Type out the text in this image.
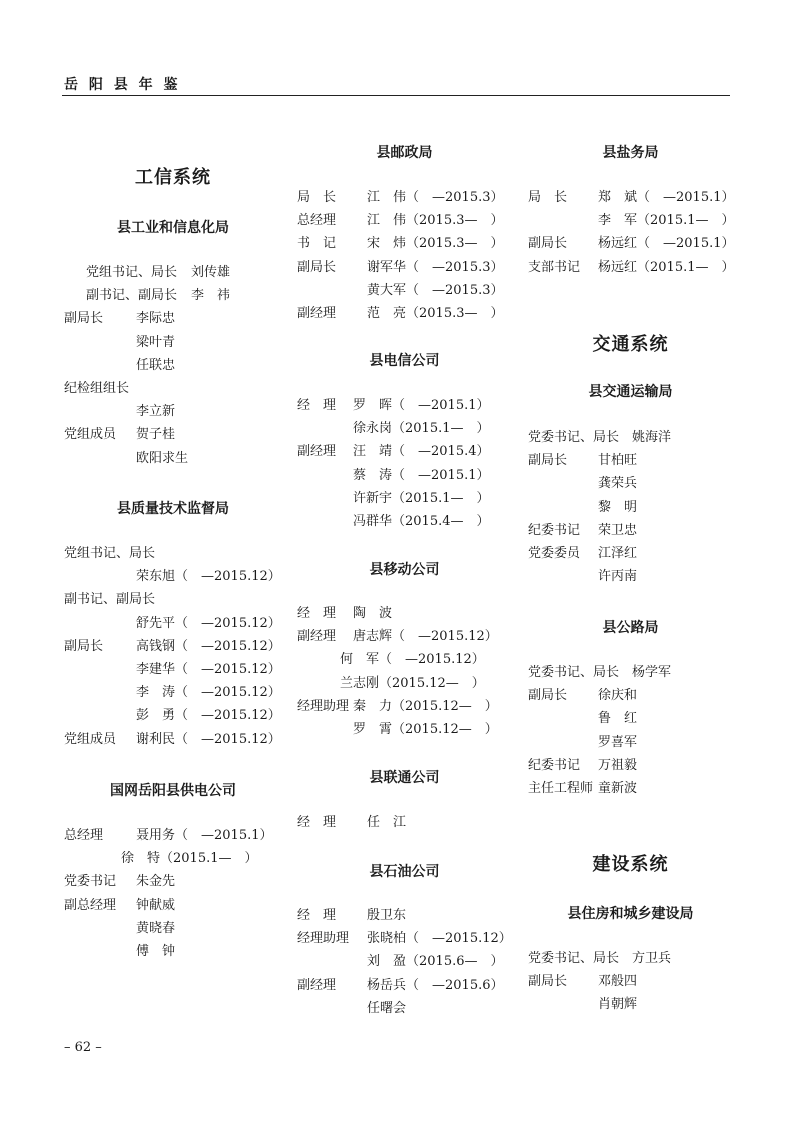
岳 阳 县 年 鉴
工信系统
县工业和信息化局
党组书记、局长 刘传雄
副书记、副局长 李　祎
副局长	李际忠
梁叶青
任联忠
纪检组组长
李立新
党组成员 贺子桂
欧阳求生
县质量技术监督局
党组书记、局长
荣东旭（　—2015.12）
副书记、副局长
舒先平（　—2015.12）
副局长	高钱钢（　—2015.12）
李建华（　—2015.12）
李　涛（　—2015.12）
彭　勇（　—2015.12）
党组成员 谢利民（　—2015.12）
国网岳阳县供电公司
总经理	聂用务（　—2015.1）
徐　特（2015.1—　）
党委书记 朱金先
副总经理 钟献威
黄晓春
傅　钟
县邮政局
局　长 江　伟（　—2015.3）
总经理 江　伟（2015.3—　）
书　记 宋　炜（2015.3—　）
副局长 谢军华（　—2015.3）
黄大军（　—2015.3）
副经理 范　亮（2015.3—　）
县电信公司
经　理 罗　晖（　—2015.1）
徐永岗（2015.1—　）
副经理 汪　靖（　—2015.4）
蔡　涛（　—2015.1）
许新宇（2015.1—　）
冯群华（2015.4—　）
县移动公司
经　理 陶　波
副经理 唐志辉（　—2015.12）
何　军（　—2015.12）
兰志刚（2015.12—　）
经理助理 秦　力（2015.12—　）
罗　霄（2015.12—　）
县联通公司
经　理 任　江
县石油公司
经　理 殷卫东
经理助理 张晓柏（　—2015.12）
刘　盈（2015.6—　）
副经理 杨岳兵（　—2015.6）
任曙会
县盐务局
局　长 郑　斌（　—2015.1）
李　军（2015.1—　）
副局长 杨远红（　—2015.1）
支部书记 杨远红（2015.1—　）
交通系统
县交通运输局
党委书记、局长 姚海洋
副局长 甘柏旺
龚荣兵
黎　明
纪委书记 荣卫忠
党委委员 江泽红
许丙南
县公路局
党委书记、局长 杨学军
副局长 徐庆和
鲁　红
罗喜军
纪委书记 万祖毅
主任工程师 童新波
建设系统
县住房和城乡建设局
党委书记、局长 方卫兵
副局长 邓般四
肖朝辉
– 62 –
